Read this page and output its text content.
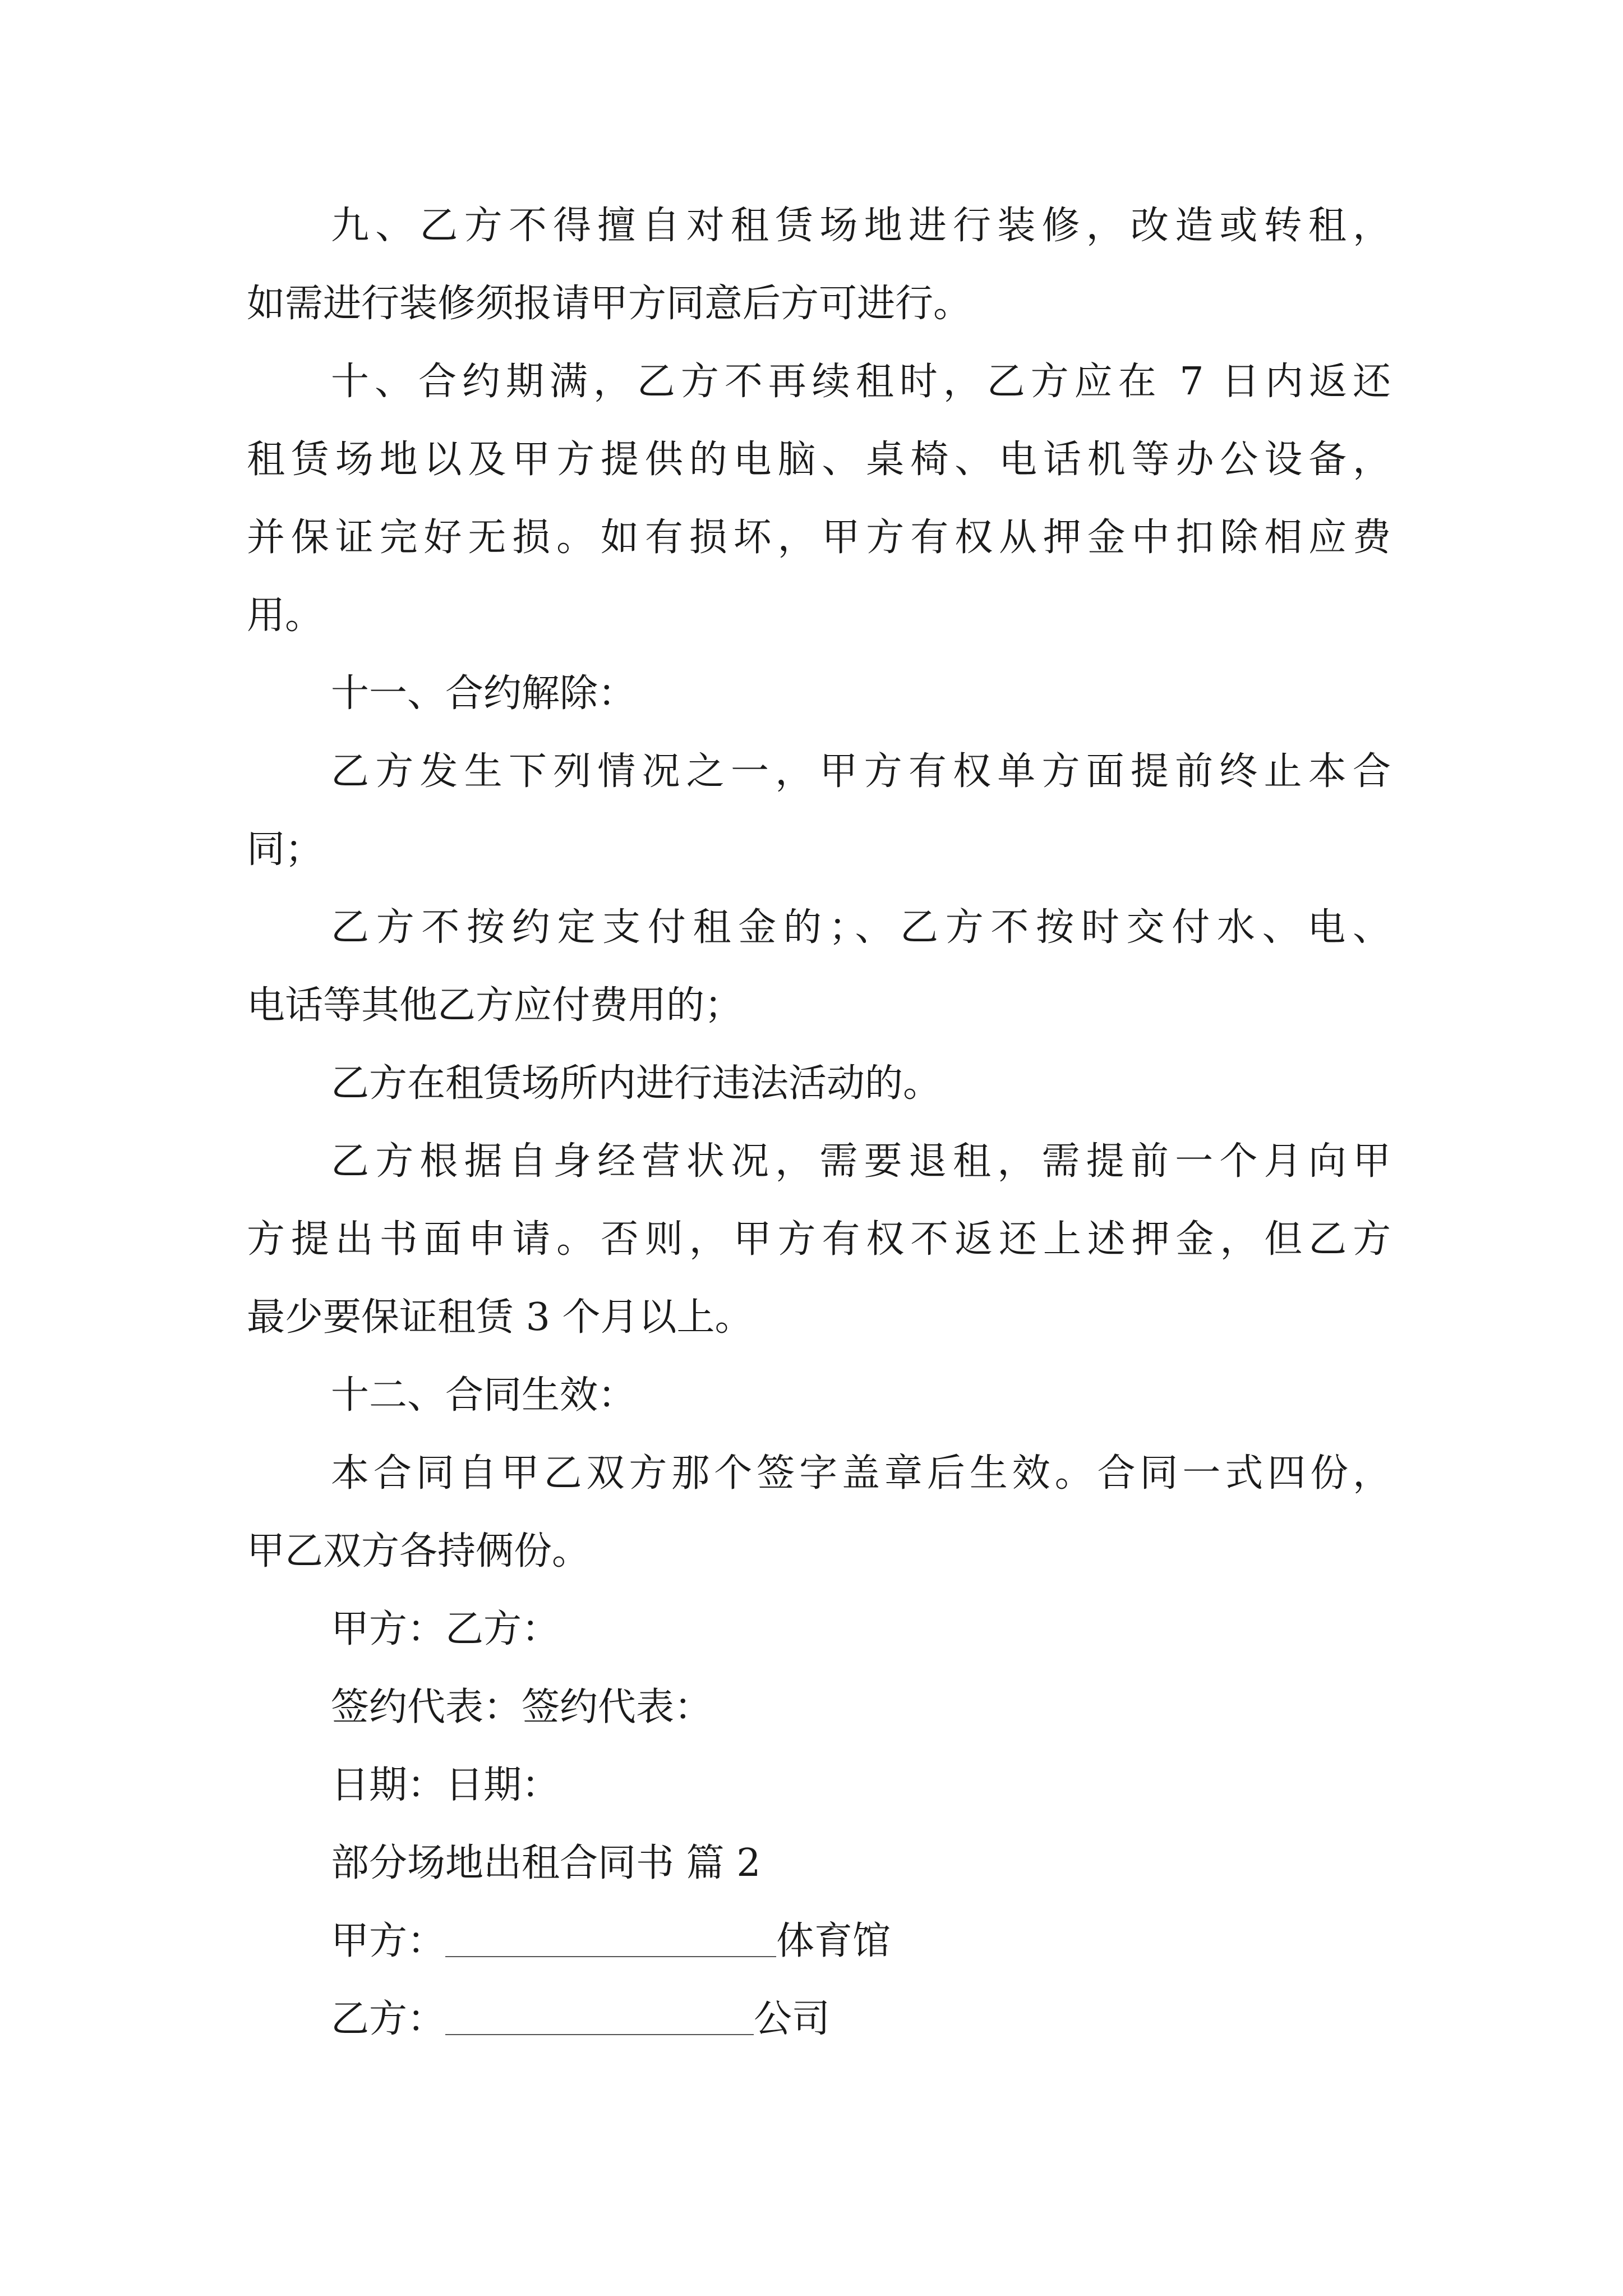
九、乙方不得擅自对租赁场地进行装修，改造或转租，

如需进行装修须报请甲方同意后方可进行。

十、合约期满，乙方不再续租时，乙方应在 7 日内返还

租赁场地以及甲方提供的电脑、桌椅、电话机等办公设备，

并保证完好无损。如有损坏，甲方有权从押金中扣除相应费

用。

十一、合约解除：

乙方发生下列情况之一，甲方有权单方面提前终止本合

同；

乙方不按约定支付租金的；、乙方不按时交付水、电、

电话等其他乙方应付费用的；

乙方在租赁场所内进行违法活动的。

乙方根据自身经营状况，需要退租，需提前一个月向甲

方提出书面申请。否则，甲方有权不返还上述押金，但乙方

最少要保证租赁 3 个月以上。

十二、合同生效：

本合同自甲乙双方那个签字盖章后生效。合同一式四份，

甲乙双方各持俩份。

甲方：乙方：

签约代表：签约代表：

日期：日期：

部分场地出租合同书 篇 2

甲方：	体育馆

乙方：	公司
